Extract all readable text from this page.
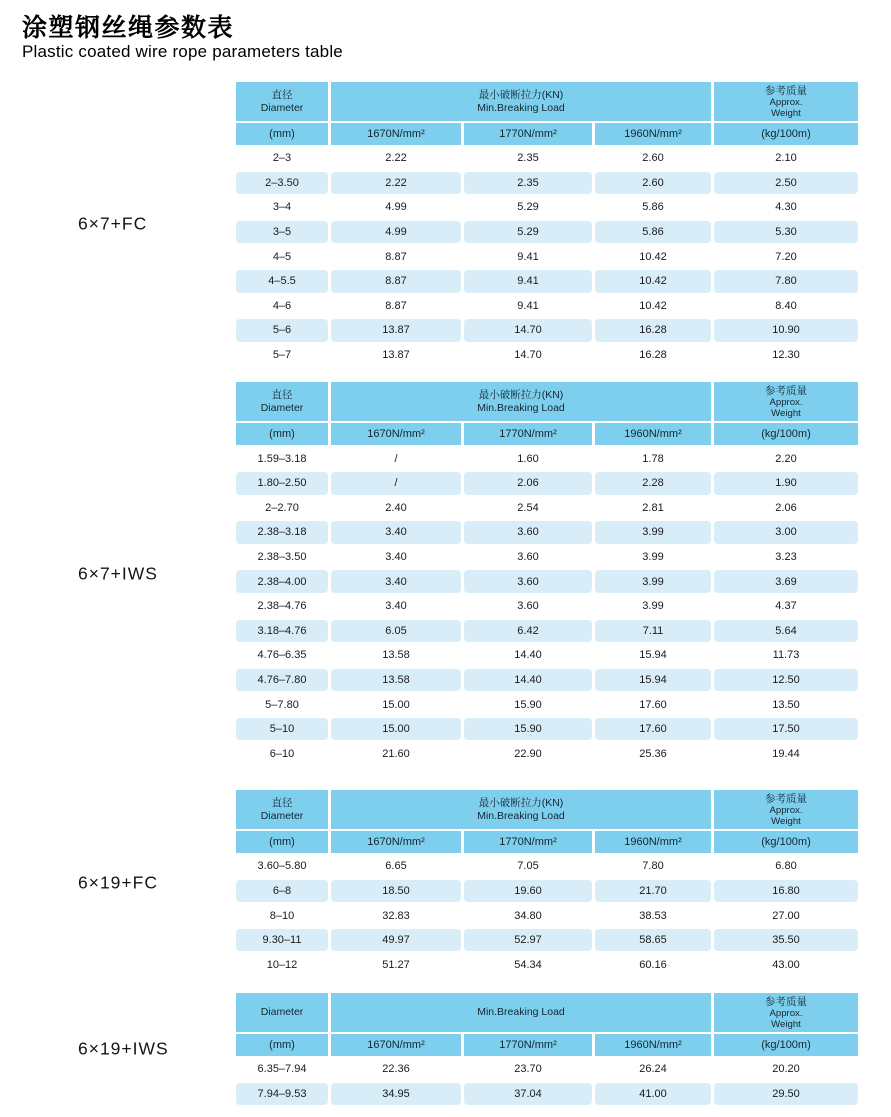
涂塑钢丝绳参数表
Plastic coated wire rope parameters table
6×7+FC
直径
Diameter

最小破断拉力(KN)
Min.Breaking Load

参考质量
Approx.
Weight

(mm)	1670N/mm²	1770N/mm²	1960N/mm²	(kg/100m)
2–3	2.22	2.35	2.60	2.10
2–3.50	2.22	2.35	2.60	2.50
3–4	4.99	5.29	5.86	4.30
3–5	4.99	5.29	5.86	5.30
4–5	8.87	9.41	10.42	7.20
4–5.5	8.87	9.41	10.42	7.80
4–6	8.87	9.41	10.42	8.40
5–6	13.87	14.70	16.28	10.90
5–7	13.87	14.70	16.28	12.30
6×7+IWS
直径
Diameter

最小破断拉力(KN)
Min.Breaking Load

参考质量
Approx.
Weight

(mm)	1670N/mm²	1770N/mm²	1960N/mm²	(kg/100m)
1.59–3.18	/	1.60	1.78	2.20
1.80–2.50	/	2.06	2.28	1.90
2–2.70	2.40	2.54	2.81	2.06
2.38–3.18	3.40	3.60	3.99	3.00
2.38–3.50	3.40	3.60	3.99	3.23
2.38–4.00	3.40	3.60	3.99	3.69
2.38–4.76	3.40	3.60	3.99	4.37
3.18–4.76	6.05	6.42	7.11	5.64
4.76–6.35	13.58	14.40	15.94	11.73
4.76–7.80	13.58	14.40	15.94	12.50
5–7.80	15.00	15.90	17.60	13.50
5–10	15.00	15.90	17.60	17.50
6–10	21.60	22.90	25.36	19.44
6×19+FC
直径
Diameter

最小破断拉力(KN)
Min.Breaking Load

参考质量
Approx.
Weight

(mm)	1670N/mm²	1770N/mm²	1960N/mm²	(kg/100m)
3.60–5.80	6.65	7.05	7.80	6.80
6–8	18.50	19.60	21.70	16.80
8–10	32.83	34.80	38.53	27.00
9.30–11	49.97	52.97	58.65	35.50
10–12	51.27	54.34	60.16	43.00
6×19+IWS
Diameter	Min.Breaking Load			参考质量
Approx.
Weight

(mm)	1670N/mm²	1770N/mm²	1960N/mm²	(kg/100m)
6.35–7.94	22.36	23.70	26.24	20.20
7.94–9.53	34.95	37.04	41.00	29.50
